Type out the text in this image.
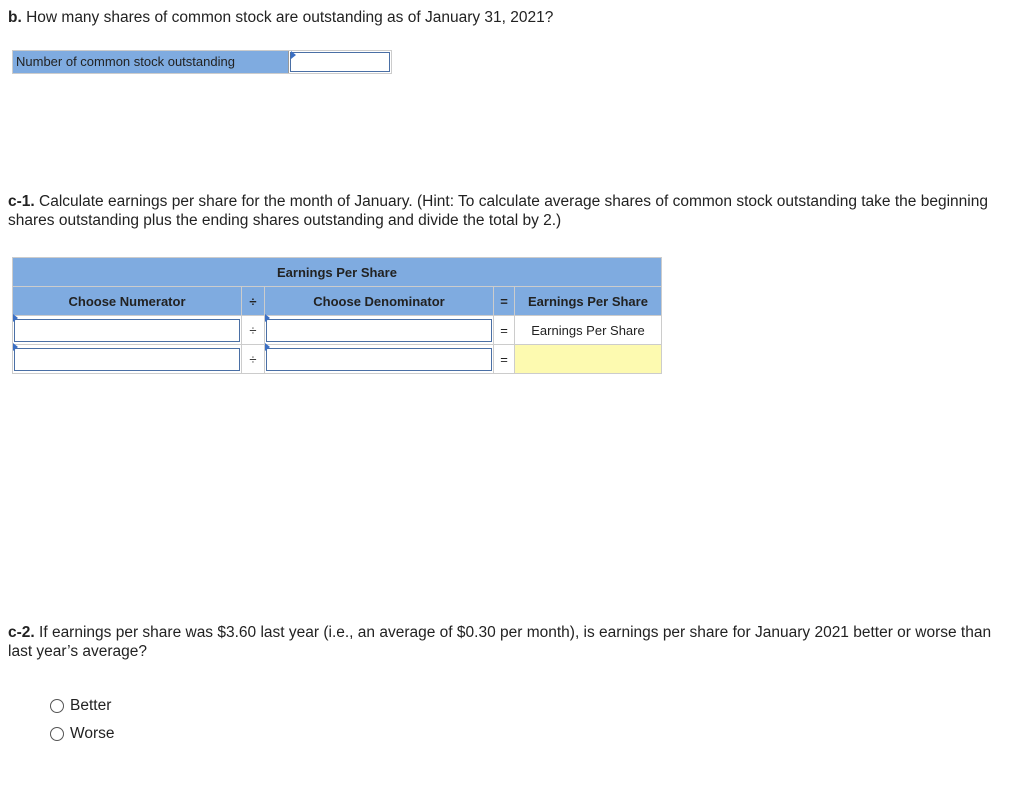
b. How many shares of common stock are outstanding as of January 31, 2021?
Number of common stock outstanding
c-1. Calculate earnings per share for the month of January. (Hint: To calculate average shares of common stock outstanding take the beginning shares outstanding plus the ending shares outstanding and divide the total by 2.)
Earnings Per Share				
Choose Numerator	÷	Choose Denominator	=	Earnings Per Share

	÷		=	Earnings Per Share

	÷		=	
c-2. If earnings per share was $3.60 last year (i.e., an average of $0.30 per month), is earnings per share for January 2021 better or worse than last year’s average?
Better
Worse
